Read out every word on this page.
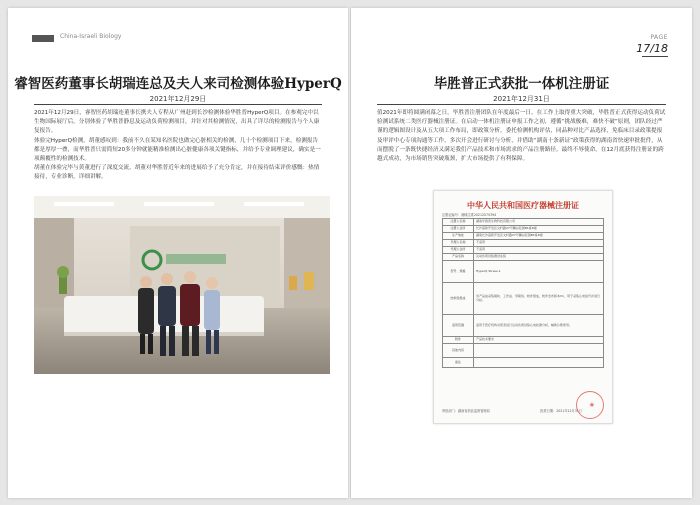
China-Israeli Biology
睿智医药董事长胡瑞连总及夫人来司检测体验HyperQ
2021年12月29日

2021年12月29日，睿智医药胡瑞连董事长携夫人专程从广州赶到长沙检测体验华胜普HyperQ项目。在参观完中以生物国际展厅后，分别体验了华胜普静息及运动负荷检测项目，并针对其检测情况，出具了详尽的检测报告与个人康复报告。

体验完HyperQ检测，胡董感叹到：我前不久在某知名医院也做完心脏相关的检测，几十个检测项目下来，检测报告都是厚厚一叠，而华胜普只需简短20多分钟就能精准检测出心脏健康各项关键指标，并给予专业调理建议，确实是一项颠覆性的检测技术。

胡董在体验完毕与黄董进行了深度交流，胡董对华胜普近年来的进展给予了充分肯定，并在接待结束评价感慨：热情接待，专业诊断，详细讲解。

PAGE
17/18
毕胜普正式获批一体机注册证
2021年12月31日

值2021年即将圆满闭幕之日，毕胜普注册团队在年度最后一日，在工作上取得重大突破，毕胜普正式获得运动负荷试验测试系统二类医疗器械注册证。在启动一体机注册证申报工作之初，遵循“挑战极难，难快不破”原则，团队经过严谨的逻辑图设计及从五大项工作布局，即政策分析，委托检测机构评估，同品种对比产品选择，免临床目录政策提报及审评中心专项沟通等工作，多次开会进行研讨与分析，并借助“湖南十条新证”政策获得的湖南省快速审批批件，从而摆脱了一条既快捷经济又满足我们产品技术和市场需求的产品注册路径。最终不辱使命，在12月底获得注册证的跨越式成功，为市场销售突破瓶颈，扩大市场提供了有利保障。

中华人民共和国医疗器械注册证
注册证编号：湘械注准20212070394
注册人名称	湖南毕胜普生物科技有限公司
注册人住所	长沙高新开发区文轩路27号麓谷钰园B1栋8楼
生产地址	湖南长沙高新开发区文轩路27号麓谷钰园B1栋8楼
代理人名称	不适用
代理人住所	不适用
产品名称	运动负荷试验测试系统
型号、规格	HyperQ Stress-1
结构及组成	该产品由采集模块、工作站、导联线、软件组成，软件发布版本V1，用于采集心电信号并进行分析。
适用范围	适用于医疗机构对患者进行运动负荷试验心电检测分析，辅助诊断使用。
附件	产品技术要求
其他内容	
备注	
审批部门：湖南省药品监督管理局	批准日期：2021年12月31日
★
